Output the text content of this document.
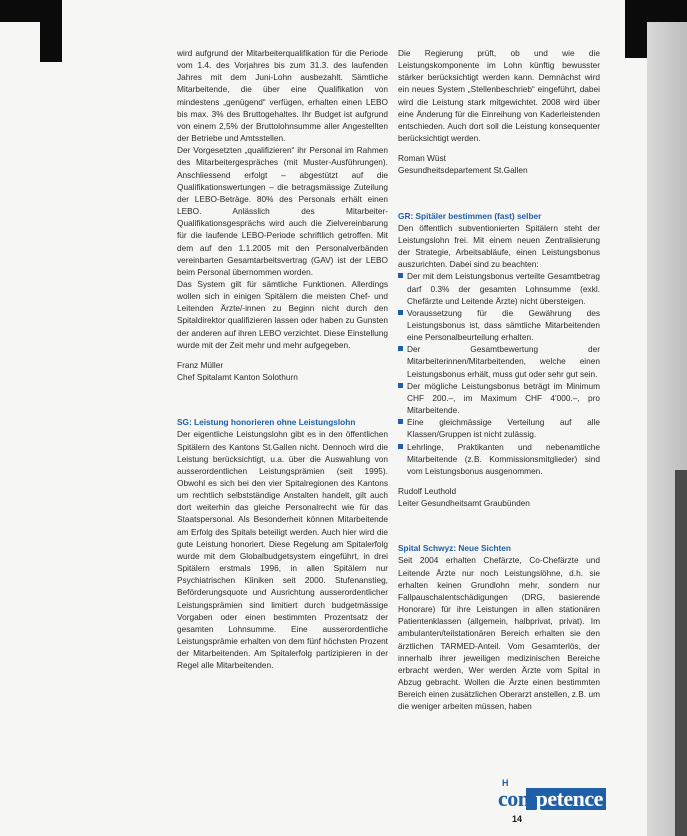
wird aufgrund der Mitarbeiterqualifikation für die Periode vom 1.4. des Vorjahres bis zum 31.3. des laufenden Jahres mit dem Juni-Lohn ausbezahlt. Sämtliche Mitarbeitende, die über eine Qualifikation von mindestens „genügend“ verfügen, erhalten einen LEBO bis max. 3% des Bruttogehaltes. Ihr Budget ist aufgrund von einem 2,5% der Bruttolohnsumme aller Angestellten der Betriebe und Amtsstellen.

Der Vorgesetzten „qualifizieren“ ihr Personal im Rahmen des Mitarbeitergespräches (mit Muster-Ausführungen). Anschliessend erfolgt – abgestützt auf die Qualifikationswertungen – die betragsmässige Zuteilung der LEBO-Beträge. 80% des Personals erhält einen LEBO. Anlässlich des Mitarbeiter-Qualifikationsgesprächs wird auch die Zielvereinbarung für die laufende LEBO-Periode schriftlich getroffen. Mit dem auf den 1.1.2005 mit den Personalverbänden vereinbarten Gesamtarbeitsvertrag (GAV) ist der LEBO beim Personal übernommen worden.

Das System gilt für sämtliche Funktionen. Allerdings wollen sich in einigen Spitälern die meisten Chef- und Leitenden Ärzte/-innen zu Beginn nicht durch den Spitaldirektor qualifizieren lassen oder haben zu Gunsten der anderen auf ihren LEBO verzichtet. Diese Einstellung wurde mit der Zeit mehr und mehr aufgegeben.

Franz Müller

Chef Spitalamt Kanton Solothurn

SG: Leistung honorieren ohne Leistungslohn

Der eigentliche Leistungslohn gibt es in den öffentlichen Spitälern des Kantons St.Gallen nicht. Dennoch wird die Leistung berücksichtigt, u.a. über die Auswahlung von ausserordentlichen Leistungsprämien (seit 1995). Obwohl es sich bei den vier Spitalregionen des Kantons um rechtlich selbstständige Anstalten handelt, gilt auch dort weiterhin das gleiche Personalrecht wie für das Staatspersonal. Als Besonderheit können Mitarbeitende am Erfolg des Spitals beteiligt werden. Auch hier wird die gute Leistung honoriert. Diese Regelung am Spitalerfolg wurde mit dem Globalbudgetsystem eingeführt, in drei Spitälern erstmals 1996, in allen Spitälern nur Psychiatrischen Kliniken seit 2000. Stufenanstieg, Beförderungsquote und Ausrichtung ausserordentlicher Leistungsprämien sind limitiert durch budgetmässige Vorgaben oder einen bestimmten Prozentsatz der gesamten Lohnsumme. Eine ausserordentliche Leistungsprämie erhalten von dem fünf höchsten Prozent der Mitarbeitenden. Am Spitalerfolg partizipieren in der Regel alle Mitarbeitenden.

Die Regierung prüft, ob und wie die Leistungskomponente im Lohn künftig bewusster stärker berücksichtigt werden kann. Demnächst wird ein neues System „Stellenbeschrieb“ eingeführt, dabei wird die Leistung stark mitgewichtet. 2008 wird über eine Änderung für die Einreihung von Kaderleistenden entschieden. Auch dort soll die Leistung konsequenter berücksichtigt werden.

Roman Wüst

Gesundheitsdepartement St.Gallen

GR: Spitäler bestimmen (fast) selber

Den öffentlich subventionierten Spitälern steht der Leistungslohn frei. Mit einem neuen Zentralisierung der Strategie, Arbeitsabläufe, einen Leistungsbonus auszurichten. Dabei sind zu beachten:

Der mit dem Leistungsbonus verteilte Gesamtbetrag darf 0.3% der gesamten Lohnsumme (exkl. Chefärzte und Leitende Ärzte) nicht übersteigen.
Voraussetzung für die Gewährung des Leistungsbonus ist, dass sämtliche Mitarbeitenden eine Personalbeurteilung erhalten.
Der Gesamtbewertung der Mitarbeiterinnen/Mitarbeitenden, welche einen Leistungsbonus erhält, muss gut oder sehr gut sein.
Der mögliche Leistungsbonus beträgt im Minimum CHF 200.–, im Maximum CHF 4'000.–, pro Mitarbeitende.
Eine gleichmässige Verteilung auf alle Klassen/Gruppen ist nicht zulässig.
Lehrlinge, Praktikanten und nebenamtliche Mitarbeitende (z.B. Kommissionsmitglieder) sind vom Leistungsbonus ausgenommen.

Rudolf Leuthold

Leiter Gesundheitsamt Graubünden

Spital Schwyz: Neue Sichten

Seit 2004 erhalten Chefärzte, Co-Chefärzte und Leitende Ärzte nur noch Leistungslöhne, d.h. sie erhalten keinen Grundlohn mehr, sondern nur Fallpauschalentschädigungen (DRG, basierende Honorare) für ihre Leistungen in allen stationären Patientenklassen (allgemein, halbprivat, privat). Im ambulanten/teilstationären Bereich erhalten sie den ärztlichen TARMED-Anteil. Vom Gesamterlös, der innerhalb ihrer jeweiligen medizinischen Bereiche erbracht werden, Wer werden Ärzte vom Spital in Abzug gebracht. Wollen die Ärzte einen bestimmten Bereich einen zusätzlichen Oberarzt anstellen, z.B. um die weniger arbeiten müssen, haben

H
competence
14
